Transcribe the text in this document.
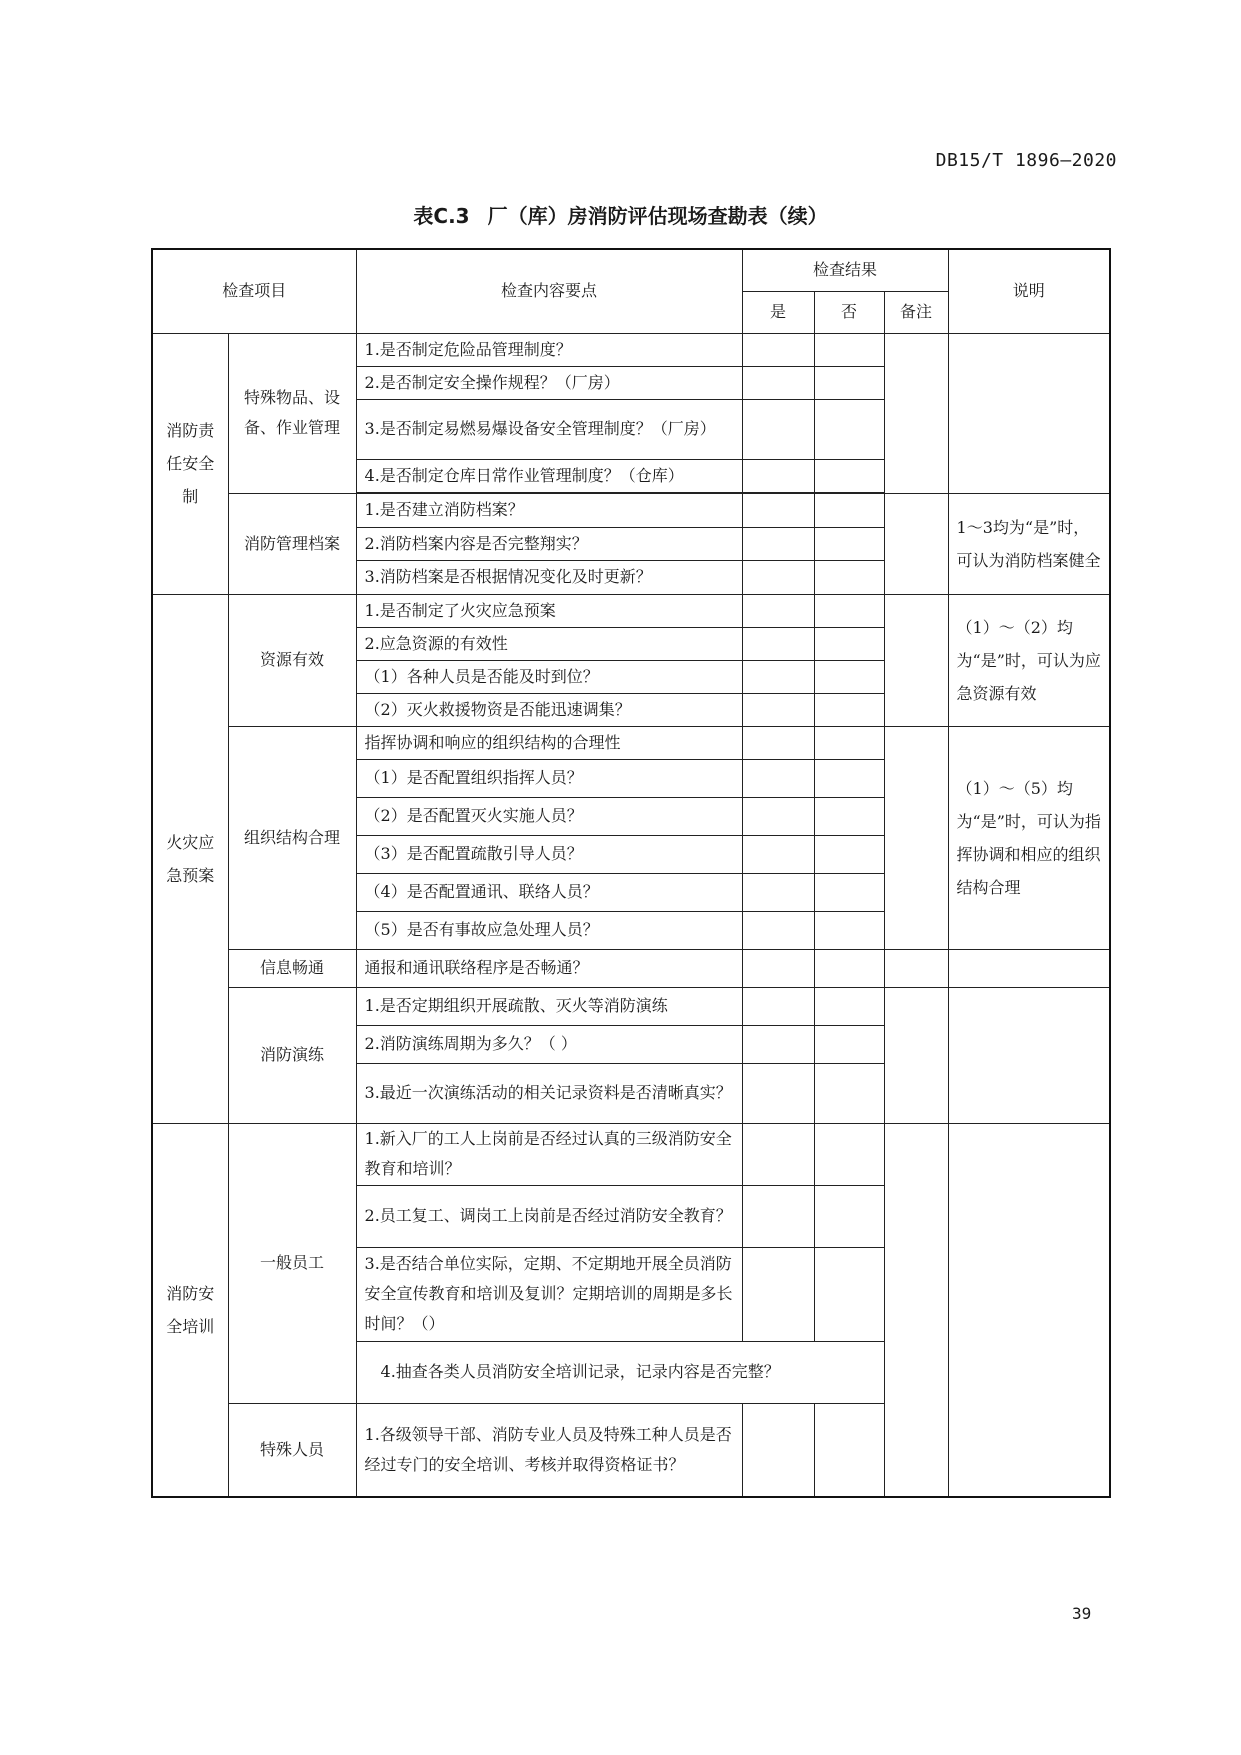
DB15/T 1896—2020
表C.3 厂（库）房消防评估现场查勘表（续）
检查项目		检查内容要点	检查结果			说明
			是	否	备注	
消防责任安全制	特殊物品、设备、作业管理	1.是否制定危险品管理制度？				
		2.是否制定安全操作规程？（厂房）				
		3.是否制定易燃易爆设备安全管理制度？（厂房）				
		4.是否制定仓库日常作业管理制度？（仓库）				

	消防管理档案	1.是否建立消防档案？				1～3均为“是”时，可认为消防档案健全
		2.消防档案内容是否完整翔实？				
		3.消防档案是否根据情况变化及时更新？				
火灾应急预案	资源有效	1.是否制定了火灾应急预案				（1）～（2）均为“是”时，可认为应急资源有效
		2.应急资源的有效性				
		（1）各种人员是否能及时到位？				
		（2）灭火救援物资是否能迅速调集？				
	组织结构合理	指挥协调和响应的组织结构的合理性				（1）～（5）均为“是”时，可认为指挥协调和相应的组织结构合理
		（1）是否配置组织指挥人员？				
		（2）是否配置灭火实施人员？				
		（3）是否配置疏散引导人员？				
		（4）是否配置通讯、联络人员？				
		（5）是否有事故应急处理人员？				
	信息畅通	通报和通讯联络程序是否畅通？				
	消防演练	1.是否定期组织开展疏散、灭火等消防演练				
		2.消防演练周期为多久？（ ）				
		3.最近一次演练活动的相关记录资料是否清晰真实？				
消防安全培训	一般员工	1.新入厂的工人上岗前是否经过认真的三级消防安全教育和培训？				
		2.员工复工、调岗工上岗前是否经过消防安全教育？				
		3.是否结合单位实际，定期、不定期地开展全员消防安全宣传教育和培训及复训？定期培训的周期是多长时间？（）				
		4.抽查各类人员消防安全培训记录，记录内容是否完整？				
	特殊人员	1.各级领导干部、消防专业人员及特殊工种人员是否经过专门的安全培训、考核并取得资格证书？				
39
